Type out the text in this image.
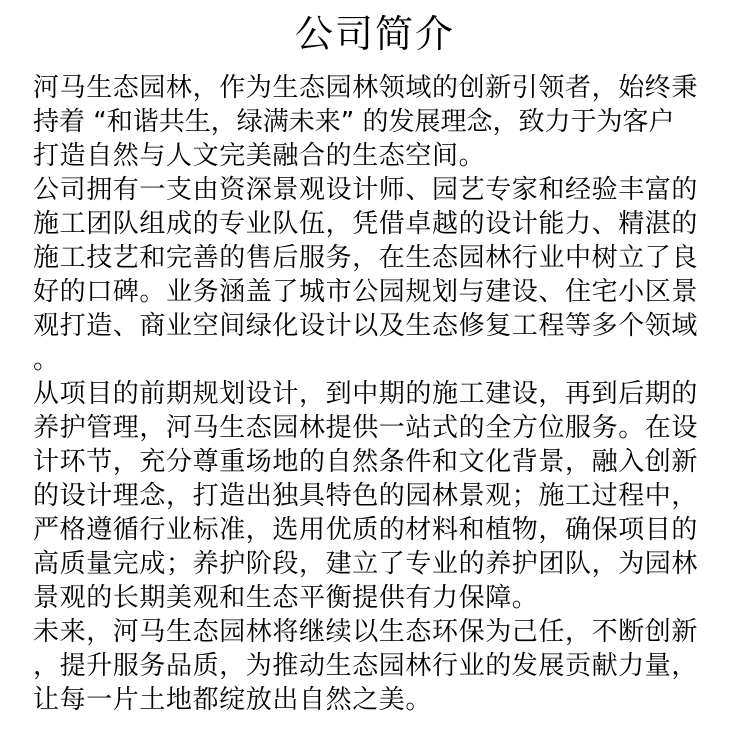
公司简介
河马生态园林，作为生态园林领域的创新引领者，始终秉
持着 “和谐共生，绿满未来” 的发展理念，致力于为客户
打造自然与人文完美融合的生态空间。
公司拥有一支由资深景观设计师、园艺专家和经验丰富的
施工团队组成的专业队伍，凭借卓越的设计能力、精湛的
施工技艺和完善的售后服务，在生态园林行业中树立了良
好的口碑。业务涵盖了城市公园规划与建设、住宅小区景
观打造、商业空间绿化设计以及生态修复工程等多个领域
。
从项目的前期规划设计，到中期的施工建设，再到后期的
养护管理，河马生态园林提供一站式的全方位服务。在设
计环节，充分尊重场地的自然条件和文化背景，融入创新
的设计理念，打造出独具特色的园林景观；施工过程中，
严格遵循行业标准，选用优质的材料和植物，确保项目的
高质量完成；养护阶段，建立了专业的养护团队，为园林
景观的长期美观和生态平衡提供有力保障。
未来，河马生态园林将继续以生态环保为己任，不断创新
，提升服务品质，为推动生态园林行业的发展贡献力量，
让每一片土地都绽放出自然之美。
